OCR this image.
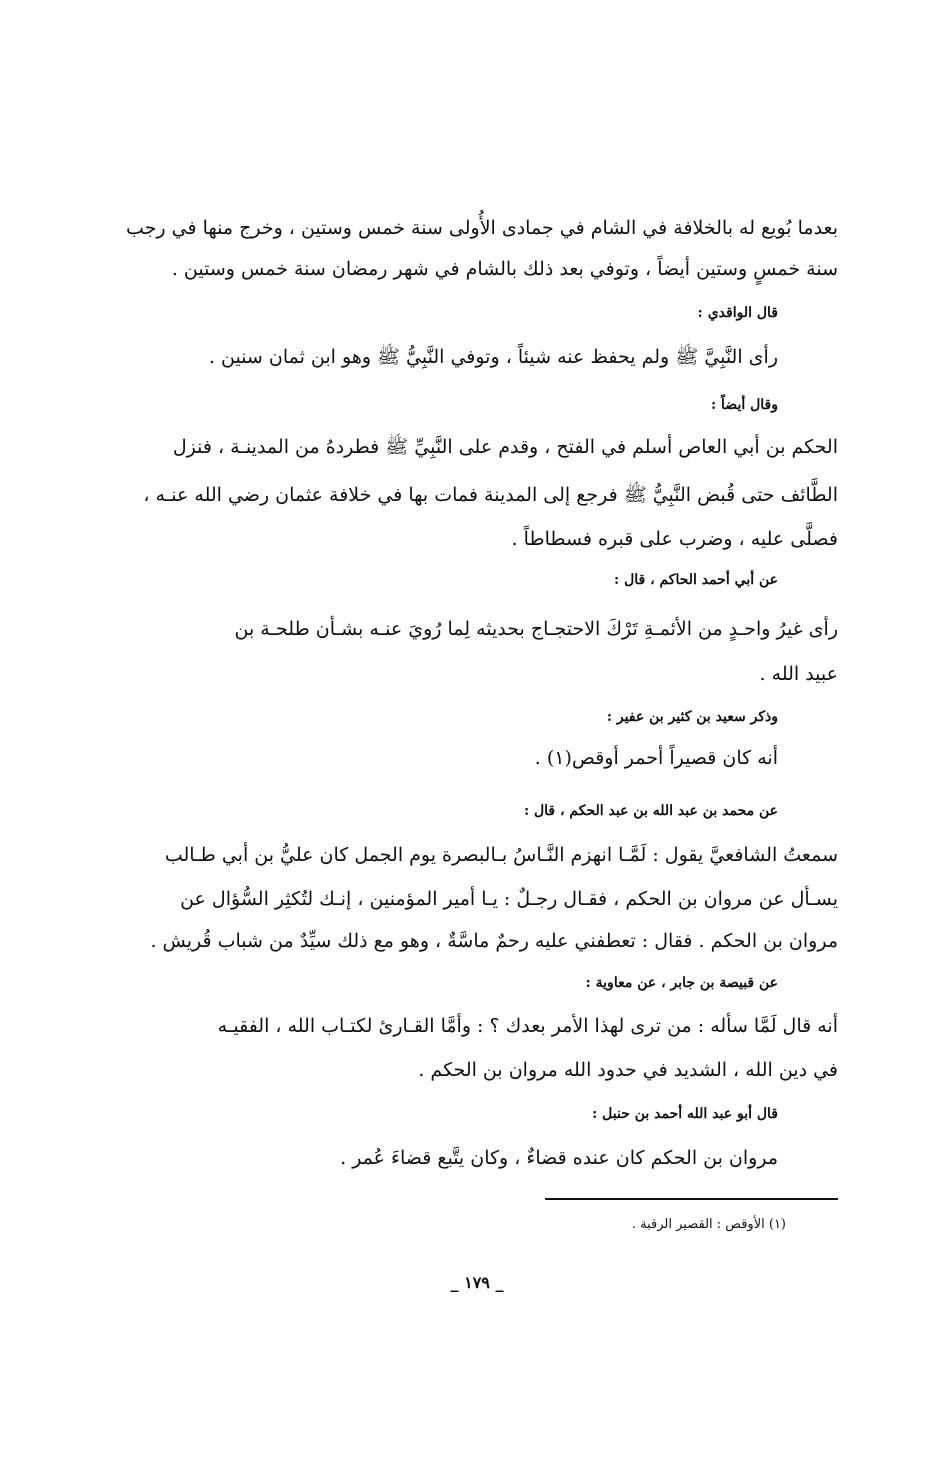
بعدما بُويع له بالخلافة في الشام في جمادى الأُولى سنة خمس وستين ، وخرج منها في رجب
سنة خمسٍ وستين أيضاً ، وتوفي بعد ذلك بالشام في شهر رمضان سنة خمس وستين .
قال الواقدي :
رأى النَّبِيَّ ﷺ ولم يحفظ عنه شيئاً ، وتوفي النَّبِيُّ ﷺ وهو ابن ثمان سنين .
وقال أيضاً :
الحكم بن أبي العاص أسلم في الفتح ، وقدم على النَّبِيِّ ﷺ فطردهُ من المدينـة ، فنزل
الطَّائف حتى قُبض النَّبِيُّ ﷺ فرجع إلى المدينة فمات بها في خلافة عثمان رضي الله عنـه ،
فصلَّى عليه ، وضرب على قبره فسطاطاً .
عن أبي أحمد الحاكم ، قال :
رأى غيرُ واحـدٍ من الأئمـةِ تَرْكَ الاحتجـاج بحديثه لِما رُويَ عنـه بشـأن طلحـة بن
عبيد الله .
وذكر سعيد بن كثير بن عفير :
أنه كان قصيراً أحمر أوقص(١) .
عن محمد بن عبد الله بن عبد الحكم ، قال :
سمعتُ الشافعيَّ يقول : لَمَّـا انهزم النَّـاسُ بـالبصرة يوم الجمل كان عليُّ بن أبي طـالب
يسـأل عن مروان بن الحكم ، فقـال رجـلٌ : يـا أمير المؤمنين ، إنـك لتُكثِر السُّؤال عن
مروان بن الحكم . فقال : تعطفني عليه رحمٌ ماسَّةٌ ، وهو مع ذلك سيِّدٌ من شباب قُريش .
عن قبيصة بن جابر ، عن معاوية :
أنه قال لَمَّا سأله : من ترى لهذا الأمر بعدك ؟ : وأمَّا القـارئ لكتـاب الله ، الفقيـه
في دين الله ، الشديد في حدود الله مروان بن الحكم .
قال أبو عبد الله أحمد بن حنبل :
مروان بن الحكم كان عنده قضاءٌ ، وكان يتَّبع قضاءَ عُمر .
(١) الأوقص : القصير الرقبة .
_ ١٧٩ _
